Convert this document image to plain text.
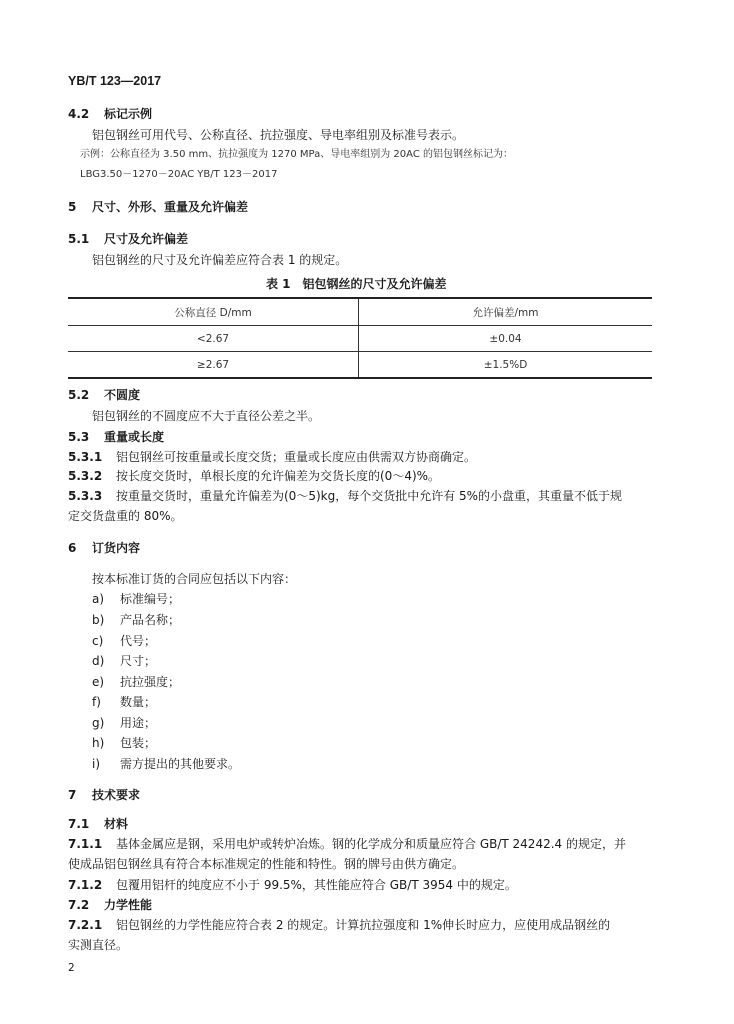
YB/T 123—2017
4.2 标记示例
铝包钢丝可用代号、公称直径、抗拉强度、导电率组别及标准号表示。
示例：公称直径为 3.50 mm、抗拉强度为 1270 MPa、导电率组别为 20AC 的铝包钢丝标记为：
LBG3.50－1270－20AC YB/T 123－2017
5 尺寸、外形、重量及允许偏差
5.1 尺寸及允许偏差
铝包钢丝的尺寸及允许偏差应符合表 1 的规定。
表 1　铝包钢丝的尺寸及允许偏差
公称直径 D/mm	允许偏差/mm
<2.67	±0.04
≥2.67	±1.5%D
5.2 不圆度
铝包钢丝的不圆度应不大于直径公差之半。
5.3 重量或长度
5.3.1 铝包钢丝可按重量或长度交货；重量或长度应由供需双方协商确定。
5.3.2 按长度交货时，单根长度的允许偏差为交货长度的(0～4)%。
5.3.3 按重量交货时，重量允许偏差为(0～5)kg，每个交货批中允许有 5%的小盘重，其重量不低于规
定交货盘重的 80%。
6 订货内容
按本标准订货的合同应包括以下内容：
a) 标准编号；
b) 产品名称；
c) 代号；
d) 尺寸；
e) 抗拉强度；
f) 数量；
g) 用途；
h) 包装；
i) 需方提出的其他要求。
7 技术要求
7.1 材料
7.1.1 基体金属应是钢，采用电炉或转炉冶炼。钢的化学成分和质量应符合 GB/T 24242.4 的规定，并
使成品铝包钢丝具有符合本标准规定的性能和特性。钢的牌号由供方确定。
7.1.2 包覆用铝杆的纯度应不小于 99.5%，其性能应符合 GB/T 3954 中的规定。
7.2 力学性能
7.2.1 铝包钢丝的力学性能应符合表 2 的规定。计算抗拉强度和 1%伸长时应力，应使用成品钢丝的
实测直径。
2
